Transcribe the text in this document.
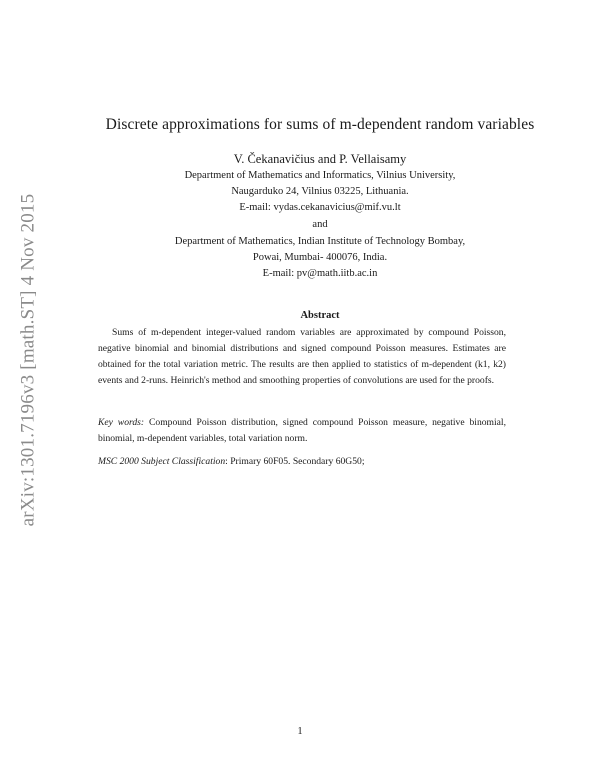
arXiv:1301.7196v3 [math.ST] 4 Nov 2015
Discrete approximations for sums of m-dependent random variables

V. Čekanavičius and P. Vellaisamy

Department of Mathematics and Informatics, Vilnius University,

Naugarduko 24, Vilnius 03225, Lithuania.

E-mail: vydas.cekanavicius@mif.vu.lt

and

Department of Mathematics, Indian Institute of Technology Bombay,

Powai, Mumbai- 400076, India.

E-mail: pv@math.iitb.ac.in

Abstract

Sums of m-dependent integer-valued random variables are approximated by compound Poisson, negative binomial and binomial distributions and signed compound Poisson measures. Estimates are obtained for the total variation metric. The results are then applied to statistics of m-dependent (k1, k2) events and 2-runs. Heinrich's method and smoothing properties of convolutions are used for the proofs.

Key words: Compound Poisson distribution, signed compound Poisson measure, negative binomial, binomial, m-dependent variables, total variation norm.

MSC 2000 Subject Classification: Primary 60F05. Secondary 60G50;

1
